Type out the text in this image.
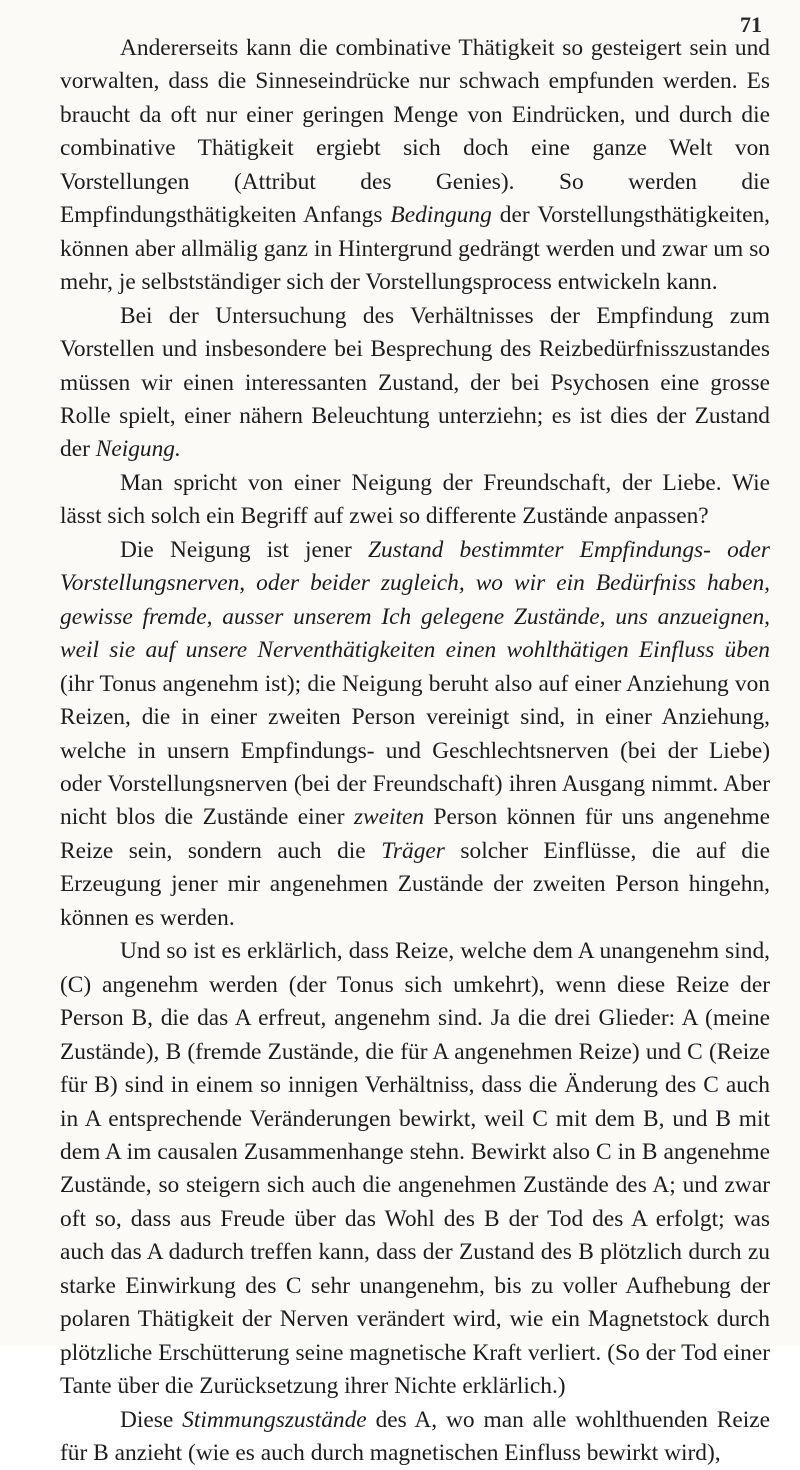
71

Andererseits kann die combinative Thätigkeit so gesteigert sein und vorwalten, dass die Sinneseindrücke nur schwach empfunden werden. Es braucht da oft nur einer geringen Menge von Eindrücken, und durch die combinative Thätigkeit ergiebt sich doch eine ganze Welt von Vorstellungen (Attribut des Genies). So werden die Empfindungsthätigkeiten Anfangs Bedingung der Vorstellungsthätigkeiten, können aber allmälig ganz in Hintergrund gedrängt werden und zwar um so mehr, je selbstständiger sich der Vorstellungsprocess entwickeln kann.

Bei der Untersuchung des Verhältnisses der Empfindung zum Vorstellen und insbesondere bei Besprechung des Reizbedürfnisszustandes müssen wir einen interessanten Zustand, der bei Psychosen eine grosse Rolle spielt, einer nähern Beleuchtung unterziehn; es ist dies der Zustand der Neigung.

Man spricht von einer Neigung der Freundschaft, der Liebe. Wie lässt sich solch ein Begriff auf zwei so differente Zustände anpassen?

Die Neigung ist jener Zustand bestimmter Empfindungs- oder Vorstellungsnerven, oder beider zugleich, wo wir ein Bedürfniss haben, gewisse fremde, ausser unserem Ich gelegene Zustände, uns anzueignen, weil sie auf unsere Nerventhätigkeiten einen wohlthätigen Einfluss üben (ihr Tonus angenehm ist); die Neigung beruht also auf einer Anziehung von Reizen, die in einer zweiten Person vereinigt sind, in einer Anziehung, welche in unsern Empfindungs- und Geschlechtsnerven (bei der Liebe) oder Vorstellungsnerven (bei der Freundschaft) ihren Ausgang nimmt. Aber nicht blos die Zustände einer zweiten Person können für uns angenehme Reize sein, sondern auch die Träger solcher Einflüsse, die auf die Erzeugung jener mir angenehmen Zustände der zweiten Person hingehn, können es werden.

Und so ist es erklärlich, dass Reize, welche dem A unangenehm sind, (C) angenehm werden (der Tonus sich umkehrt), wenn diese Reize der Person B, die das A erfreut, angenehm sind. Ja die drei Glieder: A (meine Zustände), B (fremde Zustände, die für A angenehmen Reize) und C (Reize für B) sind in einem so innigen Verhältniss, dass die Änderung des C auch in A entsprechende Veränderungen bewirkt, weil C mit dem B, und B mit dem A im causalen Zusammenhange stehn. Bewirkt also C in B angenehme Zustände, so steigern sich auch die angenehmen Zustände des A; und zwar oft so, dass aus Freude über das Wohl des B der Tod des A erfolgt; was auch das A dadurch treffen kann, dass der Zustand des B plötzlich durch zu starke Einwirkung des C sehr unangenehm, bis zu voller Aufhebung der polaren Thätigkeit der Nerven verändert wird, wie ein Magnetstock durch plötzliche Erschütterung seine magnetische Kraft verliert. (So der Tod einer Tante über die Zurücksetzung ihrer Nichte erklärlich.)

Diese Stimmungszustände des A, wo man alle wohlthuenden Reize für B anzieht (wie es auch durch magnetischen Einfluss bewirkt wird),
